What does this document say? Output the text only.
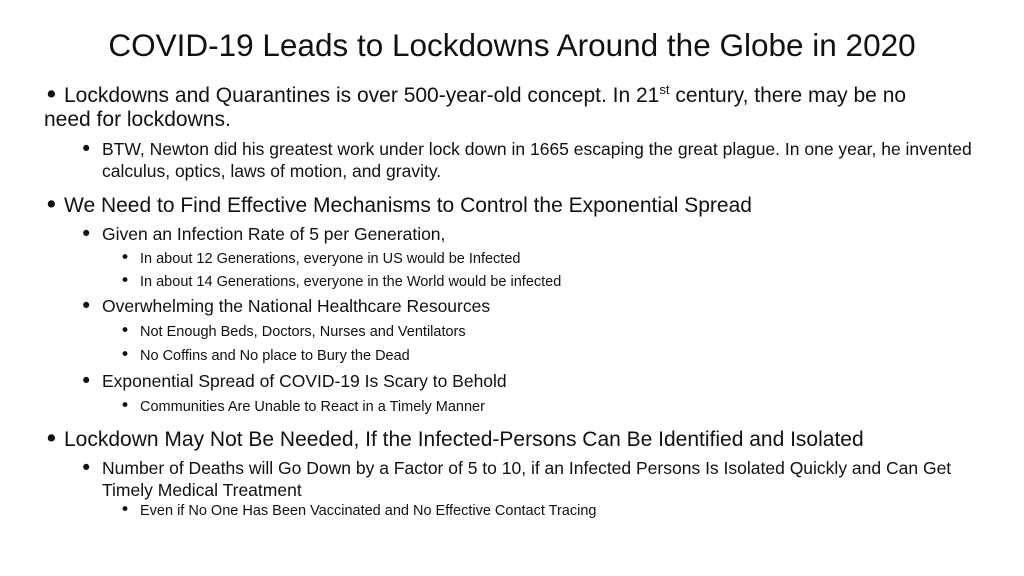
COVID-19 Leads to Lockdowns Around the Globe in 2020
• Lockdowns and Quarantines is over 500-year-old concept. In 21st century, there may be no need for lockdowns.
• BTW, Newton did his greatest work under lock down in 1665 escaping the great plague. In one year, he invented calculus, optics, laws of motion, and gravity.
• We Need to Find Effective Mechanisms to Control the Exponential Spread
• Given an Infection Rate of 5 per Generation,
• In about 12 Generations, everyone in US would be Infected
• In about 14 Generations, everyone in the World would be infected
• Overwhelming the National Healthcare Resources
• Not Enough Beds, Doctors, Nurses and Ventilators
• No Coffins and No place to Bury the Dead
• Exponential Spread of COVID-19 Is Scary to Behold
• Communities Are Unable to React in a Timely Manner
• Lockdown May Not Be Needed, If the Infected-Persons Can Be Identified and Isolated
• Number of Deaths will Go Down by a Factor of 5 to 10, if an Infected Persons Is Isolated Quickly and Can Get Timely Medical Treatment
• Even if No One Has Been Vaccinated and No Effective Contact Tracing
